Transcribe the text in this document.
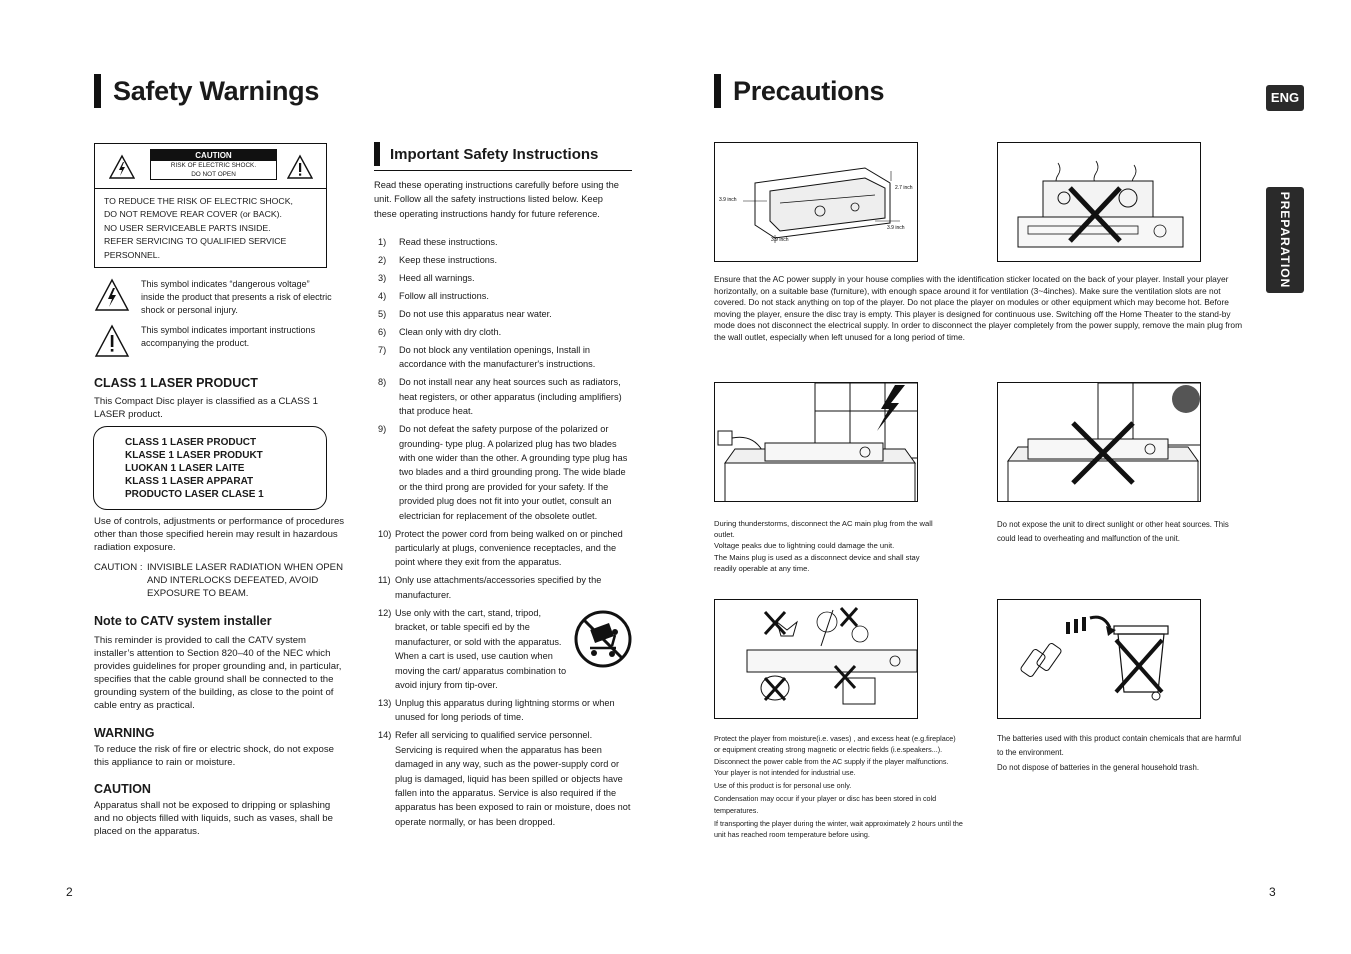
Safety Warnings
CAUTION
RISK OF ELECTRIC SHOCK.
DO NOT OPEN
TO REDUCE THE RISK OF ELECTRIC SHOCK,
DO NOT REMOVE REAR COVER (or BACK).
NO USER SERVICEABLE PARTS INSIDE.
REFER SERVICING TO QUALIFIED SERVICE
PERSONNEL.
This symbol indicates “dangerous voltage” inside the product that presents a risk of electric shock or personal injury.
This symbol indicates important instructions accompanying the product.
CLASS 1 LASER PRODUCT
This Compact Disc player is classified as a CLASS 1 LASER product.
CLASS 1 LASER PRODUCT
KLASSE 1 LASER PRODUKT
LUOKAN 1 LASER LAITE
KLASS 1 LASER APPARAT
PRODUCTO LASER CLASE 1
Use of controls, adjustments or performance of procedures other than those specified herein may result in hazardous radiation exposure.
CAUTION : INVISIBLE LASER RADIATION WHEN OPEN AND INTERLOCKS DEFEATED, AVOID EXPOSURE TO BEAM.
Note to CATV system installer
This reminder is provided to call the CATV system installer’s attention to Section 820–40 of the NEC which provides guidelines for proper grounding and, in particular, specifies that the cable ground shall be connected to the grounding system of the building, as close to the point of cable entry as practical.
WARNING
To reduce the risk of fire or electric shock, do not expose this appliance to rain or moisture.
CAUTION
Apparatus shall not be exposed to dripping or splashing and no objects filled with liquids, such as vases, shall be placed on the apparatus.
2
Important Safety Instructions
Read these operating instructions carefully before using the unit. Follow all the safety instructions listed below. Keep these operating instructions handy for future reference.
1)	Read these instructions.
2)	Keep these instructions.
3)	Heed all warnings.
4)	Follow all instructions.
5)	Do not use this apparatus near water.
6)	Clean only with dry cloth.
7)	Do not block any ventilation openings, Install in accordance with the manufacturer's instructions.
8)	Do not install near any heat sources such as radiators, heat registers, or other apparatus (including amplifiers) that produce heat.
9)	Do not defeat the safety purpose of the polarized or grounding- type plug. A polarized plug has two blades with one wider than the other. A grounding type plug has two blades and a third grounding prong. The wide blade or the third prong are provided for your safety. If the provided plug does not fit into your outlet, consult an electrician for replacement of the obsolete outlet.
10) Protect the power cord from being walked on or pinched particularly at plugs, convenience receptacles, and the point where they exit from the apparatus.
11) Only use attachments/accessories specified by the manufacturer.
12) Use only with the cart, stand, tripod, bracket, or table specifi ed by the manufacturer, or sold with the apparatus. When a cart is used, use caution when moving the cart/ apparatus combination to avoid injury from tip-over.
13) Unplug this apparatus during lightning storms or when unused for long periods of time.
14) Refer all servicing to qualified service personnel. Servicing is required when the apparatus has been damaged in any way, such as the power-supply cord or plug is damaged, liquid has been spilled or objects have fallen into the apparatus. Service is also required if the apparatus has been exposed to rain or moisture, does not operate normally, or has been dropped.
Precautions	ENG
PREPARATION
2.7 inch
3.9 inch
3.9 inch
3.9 inch
Ensure that the AC power supply in your house complies with the identification sticker located on the back of your player. Install your player horizontally, on a suitable base (furniture), with enough space around it for ventilation (3~4inches). Make sure the ventilation slots are not covered. Do not stack anything on top of the player. Do not place the player on modules or other equipment which may become hot. Before moving the player, ensure the disc tray is empty. This player is designed for continuous use. Switching off the Home Theater to the stand-by mode does not disconnect the electrical supply. In order to disconnect the player completely from the power supply, remove the main plug from the wall outlet, especially when left unused for a long period of time.
During thunderstorms, disconnect the AC main plug from the wall outlet.
Voltage peaks due to lightning could damage the unit.
The Mains plug is used as a disconnect device and shall stay readily operable at any time.
Do not expose the unit to direct sunlight or other heat sources. This could lead to overheating and malfunction of the unit.
Protect the player from moisture(i.e. vases) , and excess heat (e.g.fireplace) or equipment creating strong magnetic or electric fields (i.e.speakers...). Disconnect the power cable from the AC supply if the player malfunctions. Your player is not intended for industrial use.
Use of this product is for personal use only.
Condensation may occur if your player or disc has been stored in cold temperatures.
If transporting the player during the winter, wait approximately 2 hours until the unit has reached room temperature before using.
The batteries used with this product contain chemicals that are harmful to the environment.
Do not dispose of batteries in the general household trash.
3
